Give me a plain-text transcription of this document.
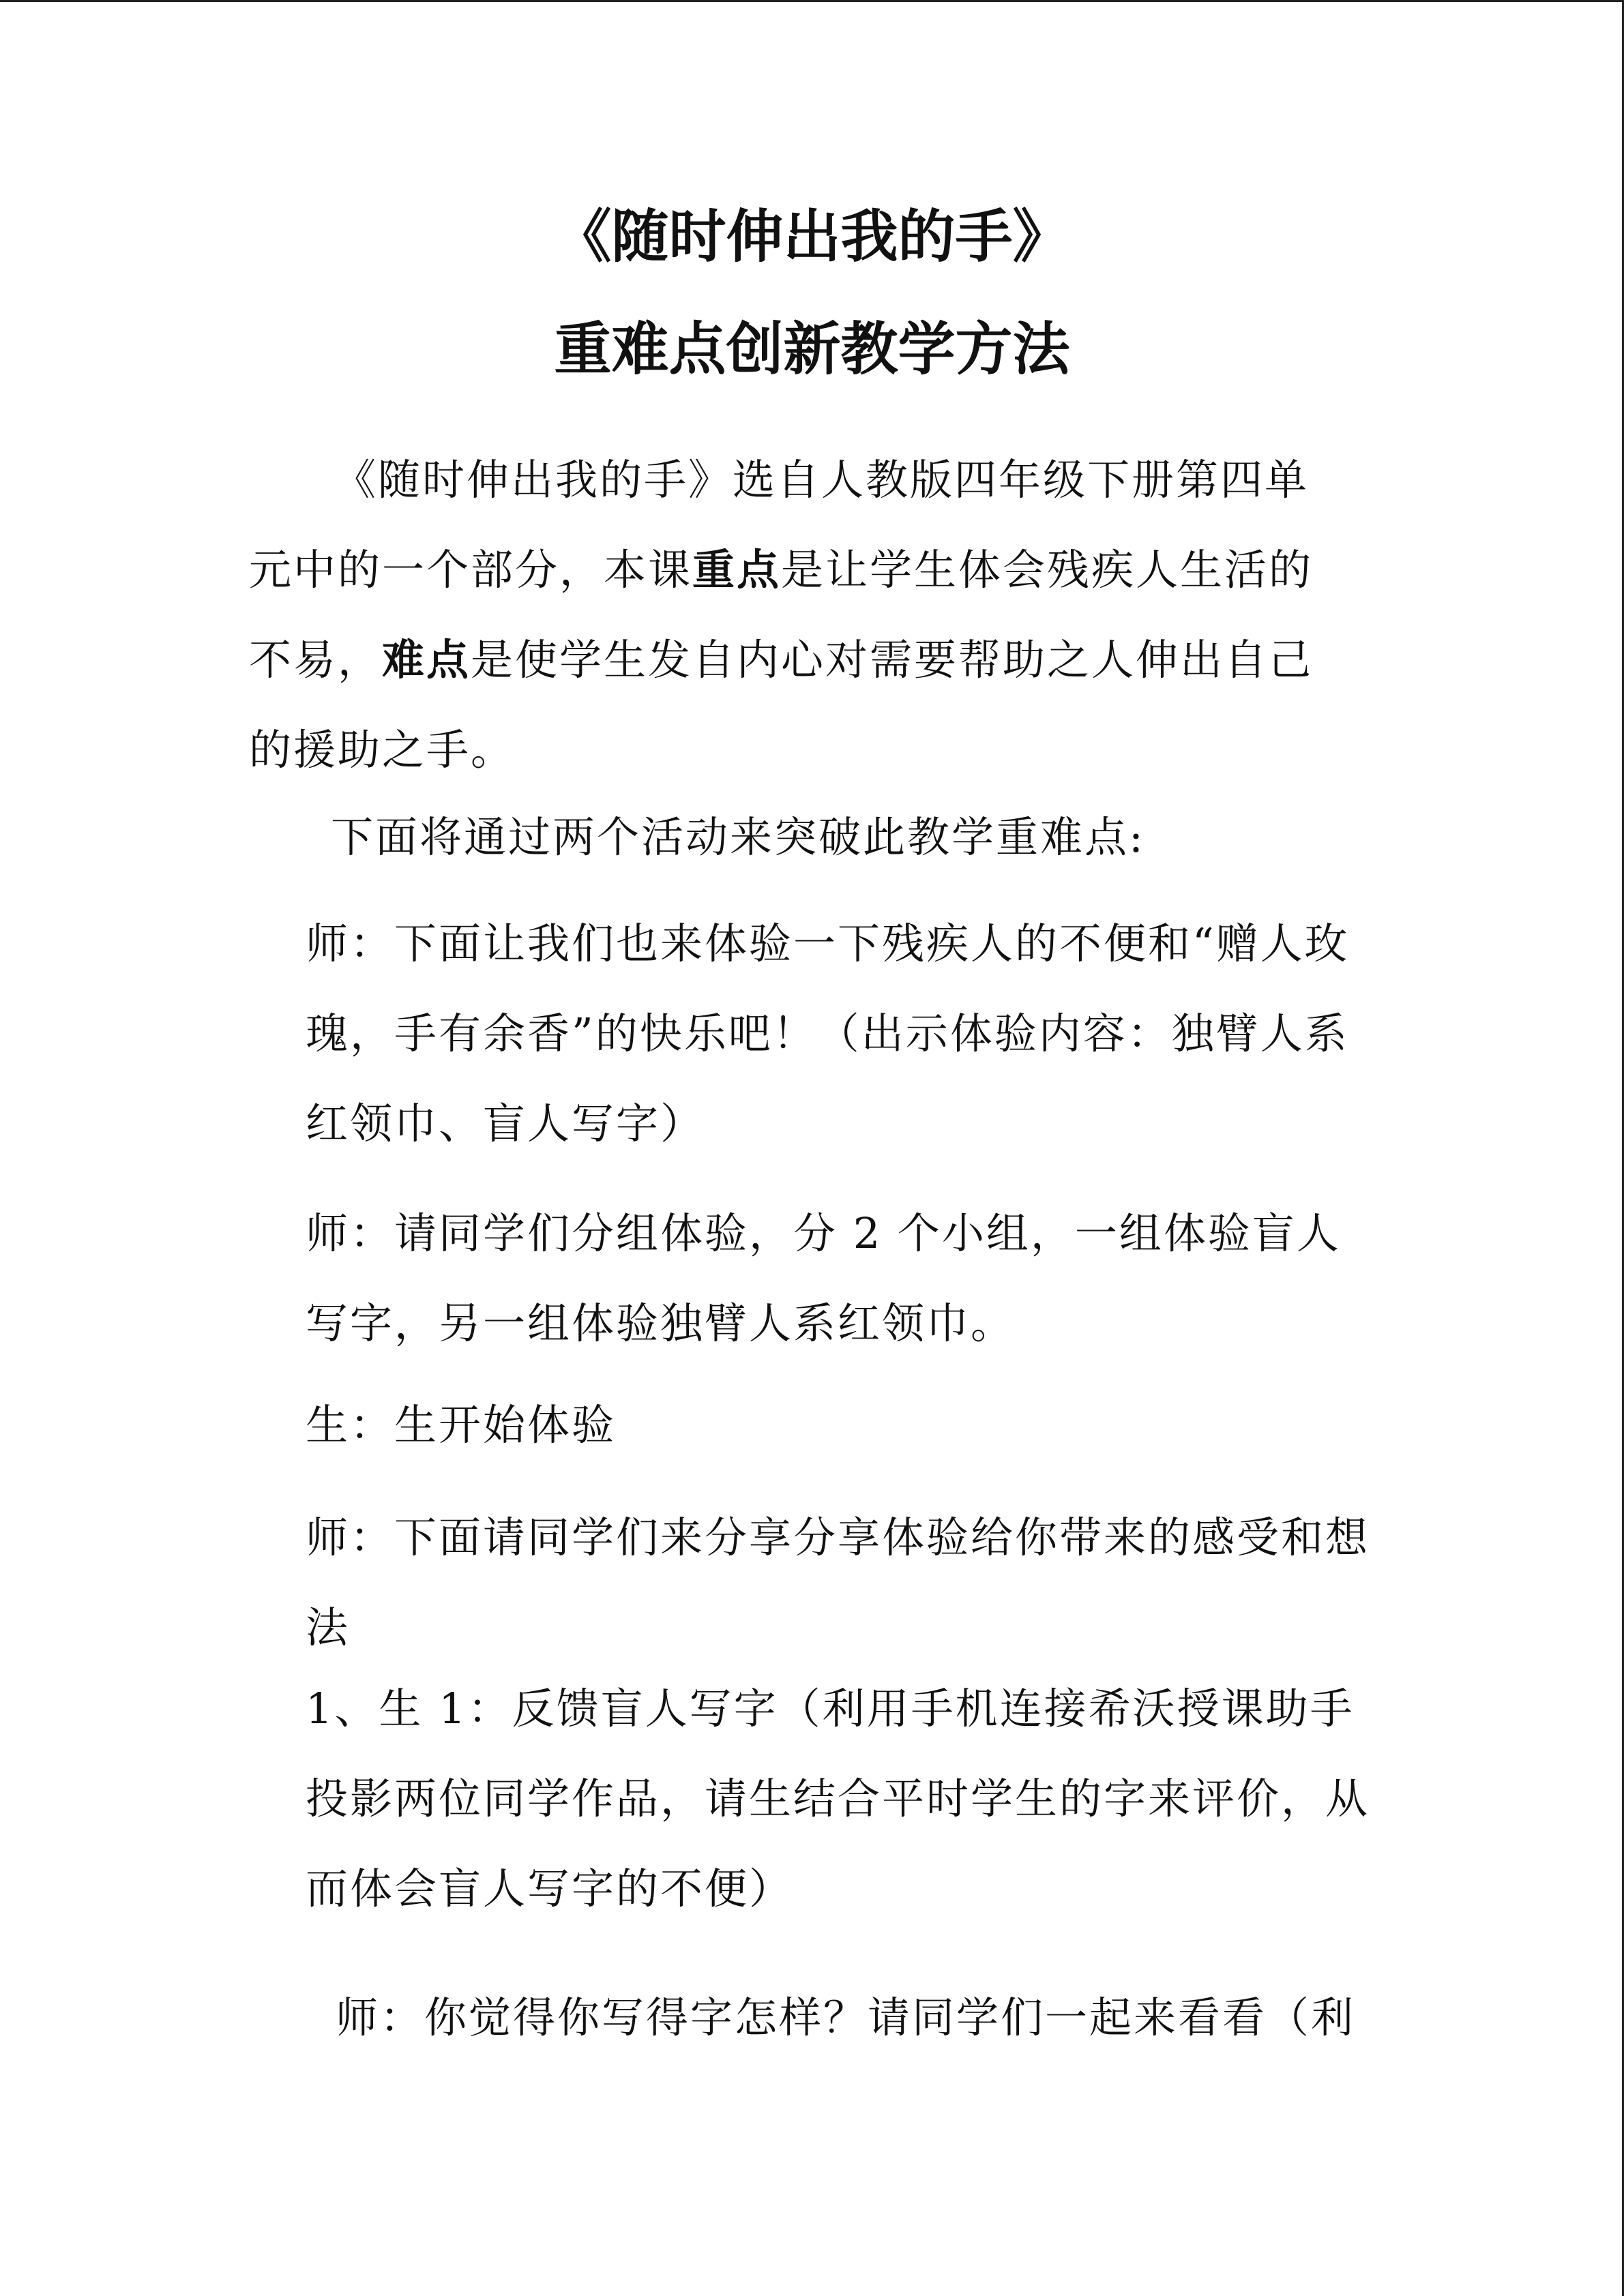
《随时伸出我的手》
重难点创新教学方法

《随时伸出我的手》选自人教版四年级下册第四单元中的一个部分，本课重点是让学生体会残疾人生活的不易，难点是使学生发自内心对需要帮助之人伸出自己的援助之手。

下面将通过两个活动来突破此教学重难点:

师：下面让我们也来体验一下残疾人的不便和“赠人玫瑰，手有余香”的快乐吧！（出示体验内容：独臂人系红领巾、盲人写字）

师：请同学们分组体验，分 2 个小组，一组体验盲人写字，另一组体验独臂人系红领巾。

生：生开始体验

师：下面请同学们来分享分享体验给你带来的感受和想法

1、生 1：反馈盲人写字（利用手机连接希沃授课助手投影两位同学作品，请生结合平时学生的字来评价，从而体会盲人写字的不便）

师：你觉得你写得字怎样？请同学们一起来看看（利
